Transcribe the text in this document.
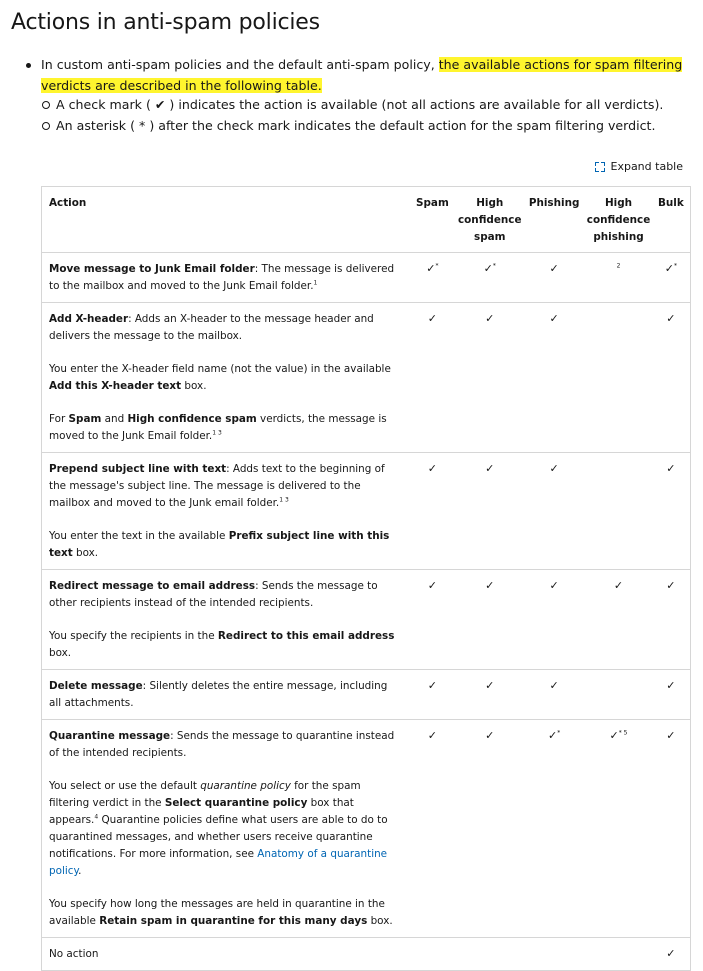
Actions in anti-spam policies
In custom anti-spam policies and the default anti-spam policy, the available actions for spam filtering verdicts are described in the following table.
A check mark ( ✔ ) indicates the action is available (not all actions are available for all verdicts).
An asterisk ( * ) after the check mark indicates the default action for the spam filtering verdict.
Expand table
Action	Spam	High
confidence
spam	Phishing	High
confidence
phishing	Bulk

Move message to Junk Email folder: The message is delivered to the mailbox and moved to the Junk Email folder.$^1$	✓*	✓*	✓	$^2$	✓*

Add X-header: Adds an X-header to the message header and delivers the message to the mailbox.

You enter the X-header field name (not the value) in the available Add this X-header text box.

For Spam and High confidence spam verdicts, the message is moved to the Junk Email folder.$^{1 3}$	✓	✓	✓		✓

Prepend subject line with text: Adds text to the beginning of the message's subject line. The message is delivered to the mailbox and moved to the Junk email folder.$^{1 3}$

You enter the text in the available Prefix subject line with this text box.	✓	✓	✓		✓

Redirect message to email address: Sends the message to other recipients instead of the intended recipients.

You specify the recipients in the Redirect to this email address box.	✓	✓	✓	✓	✓

Delete message: Silently deletes the entire message, including all attachments.	✓	✓	✓		✓

Quarantine message: Sends the message to quarantine instead of the intended recipients.

You select or use the default quarantine policy for the spam filtering verdict in the Select quarantine policy box that appears.$^4$ Quarantine policies define what users are able to do to quarantined messages, and whether users receive quarantine notifications. For more information, see Anatomy of a quarantine policy.

You specify how long the messages are held in quarantine in the available Retain spam in quarantine for this many days box.	✓	✓	✓*	✓$^{* 5}$	✓

No action					✓
